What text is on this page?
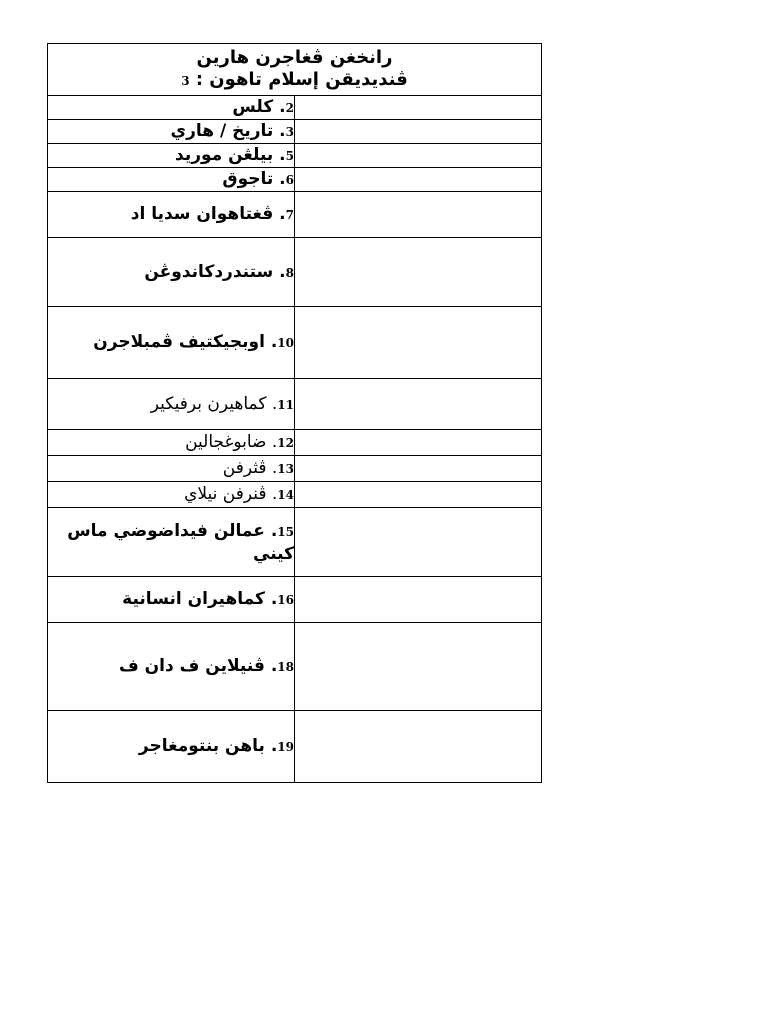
رانخغن ڤغاجرن هارين
ڤنديديقن إسلام تاهون : 3	

2. كلس	
3. تاريخ / هاري	
5. بيلڠن موريد	
6. تاجوق	
7. ڤغتاهوان سديا اد	
8. ستندردكاندوڠن	
10. اوبجيكتيف ڤمبلاجرن	
11. كماهيرن برفيكير	
12. ضابوغجالين	
13. ڤثرفن	
14. ڤنرفن نيلاي	
15. عمالن فيداضوضي ماس كيني	
16. كماهيران انسانية	
18. ڤنيلاين ف دان ف	
19. باهن بنتومغاجر	
